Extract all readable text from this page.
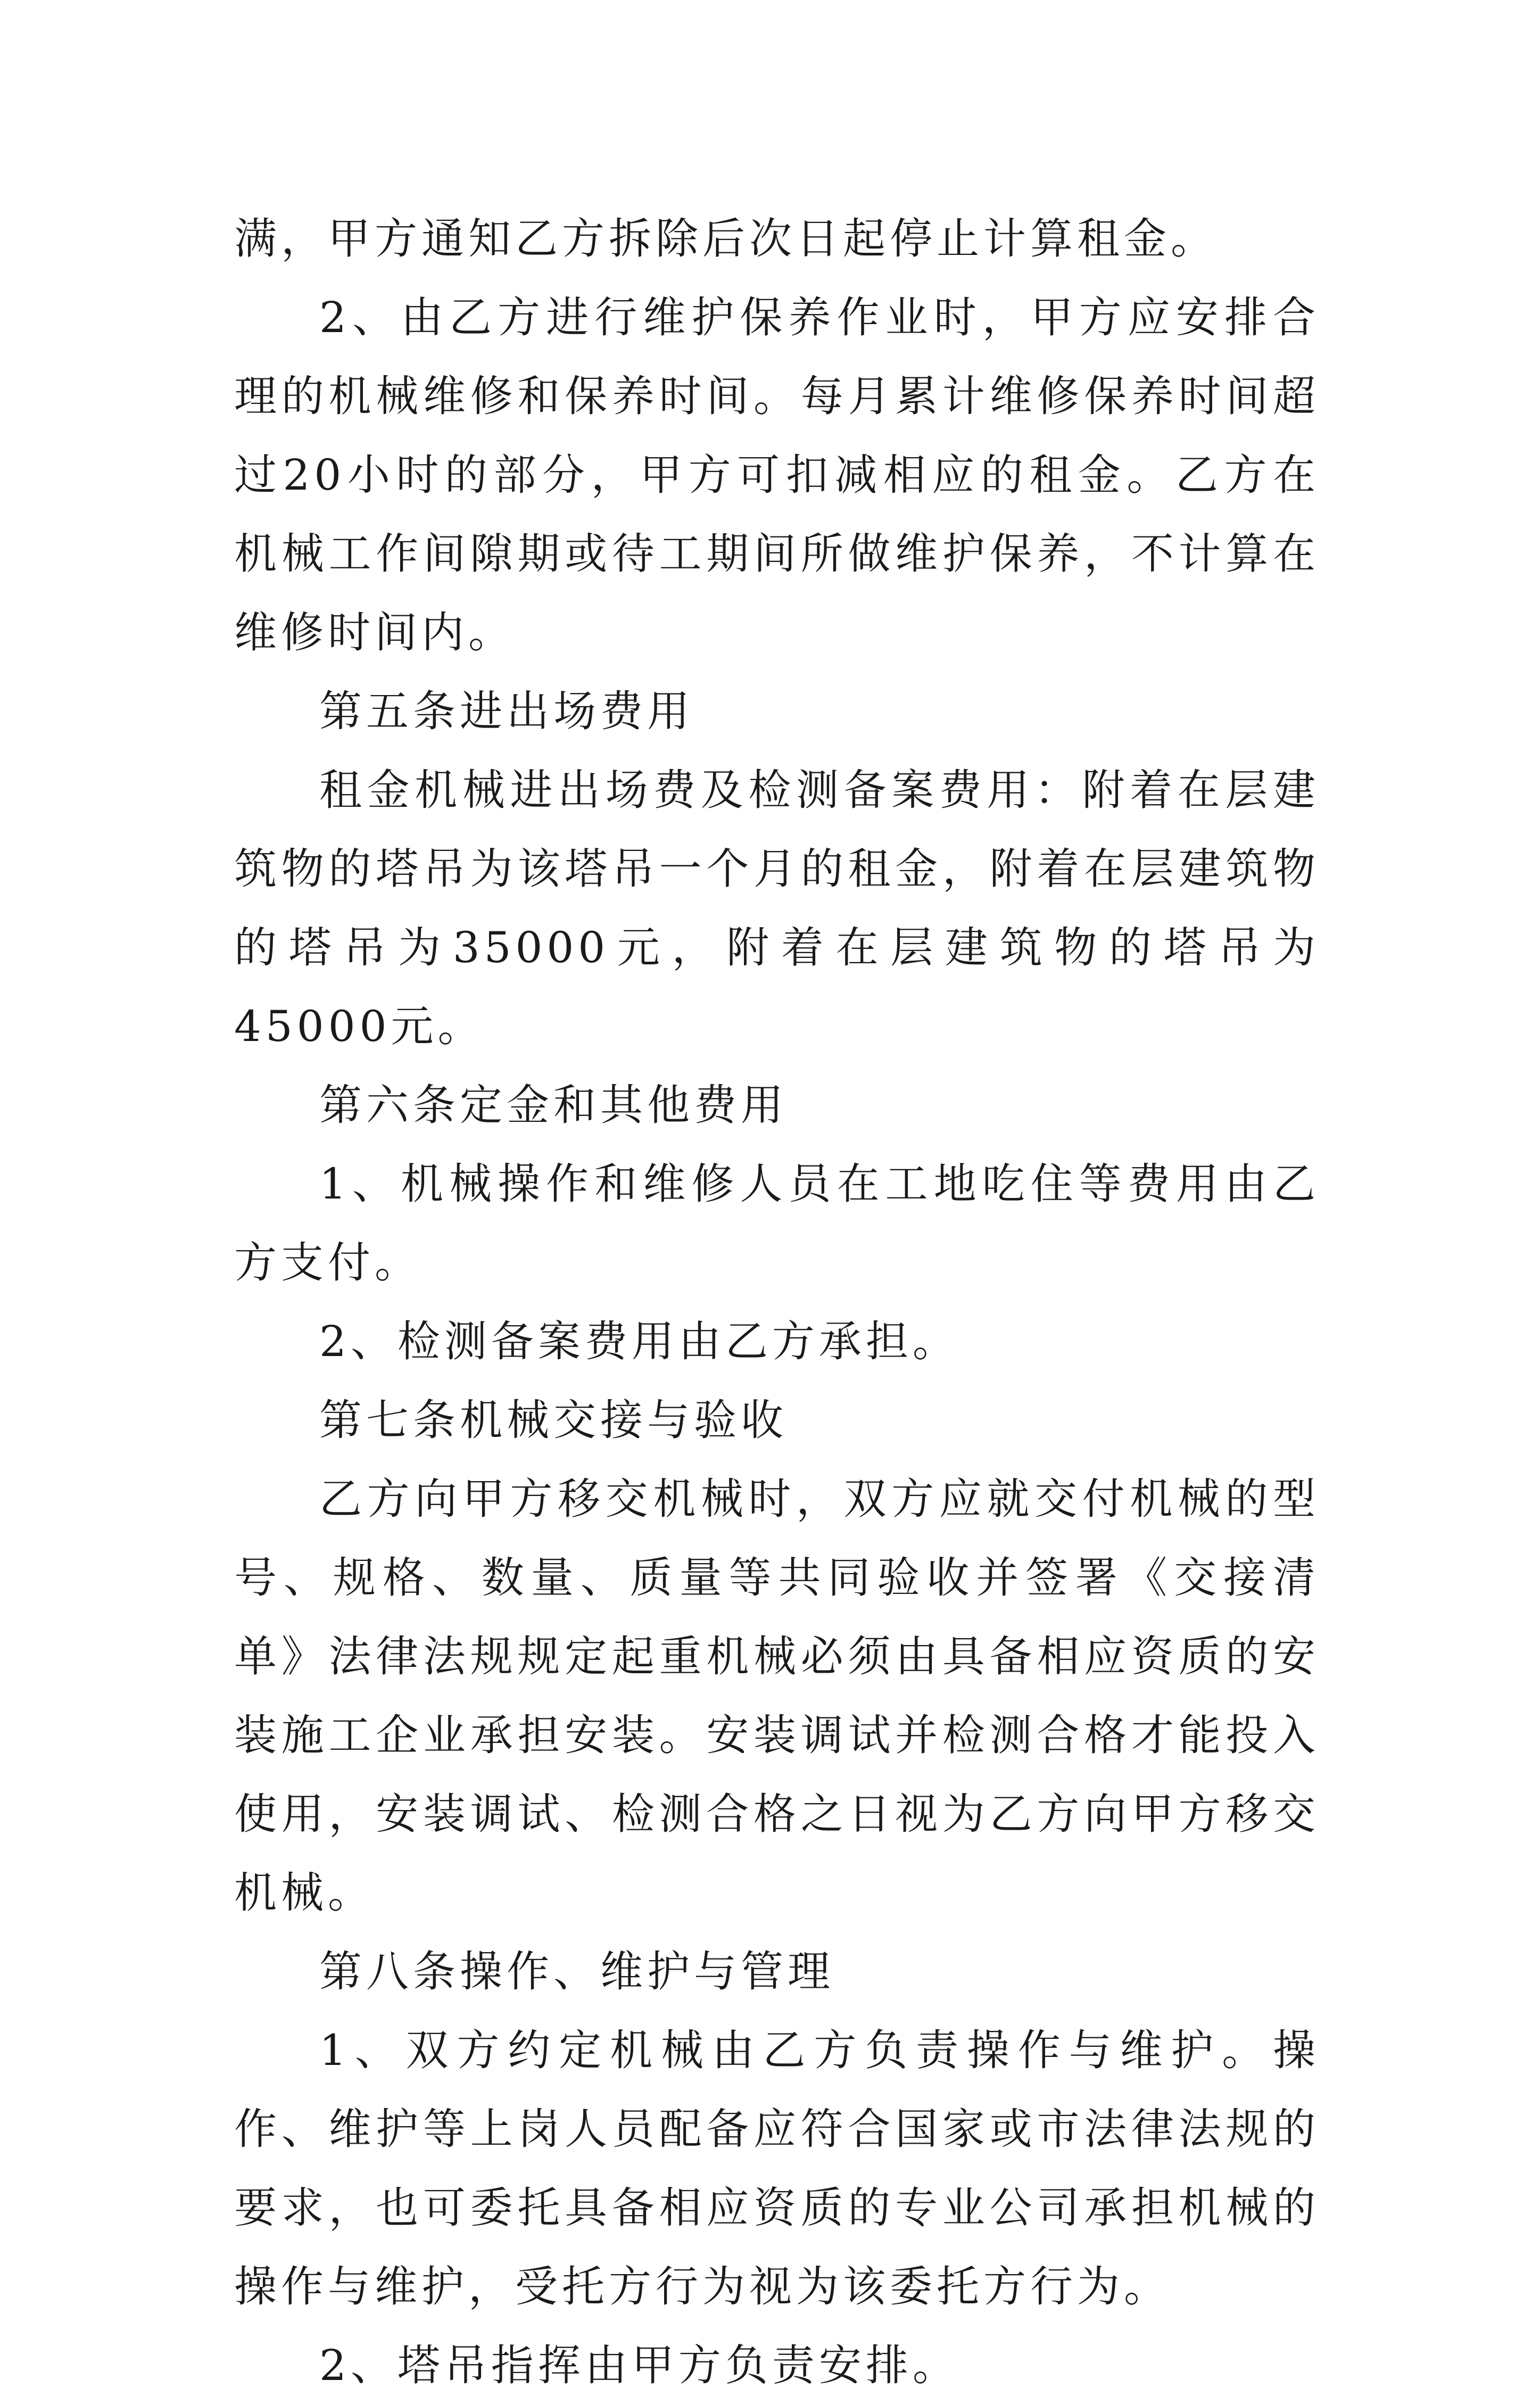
满，甲方通知乙方拆除后次日起停止计算租金。

2、由乙方进行维护保养作业时，甲方应安排合理的机械维修和保养时间。每月累计维修保养时间超过20小时的部分，甲方可扣减相应的租金。乙方在机械工作间隙期或待工期间所做维护保养，不计算在维修时间内。

第五条进出场费用

租金机械进出场费及检测备案费用：附着在层建筑物的塔吊为该塔吊一个月的租金，附着在层建筑物的塔吊为35000元，附着在层建筑物的塔吊为45000元。

第六条定金和其他费用

1、机械操作和维修人员在工地吃住等费用由乙方支付。

2、检测备案费用由乙方承担。

第七条机械交接与验收

乙方向甲方移交机械时，双方应就交付机械的型号、规格、数量、质量等共同验收并签署《交接清单》法律法规规定起重机械必须由具备相应资质的安装施工企业承担安装。安装调试并检测合格才能投入使用，安装调试、检测合格之日视为乙方向甲方移交机械。

第八条操作、维护与管理

1、双方约定机械由乙方负责操作与维护。操作、维护等上岗人员配备应符合国家或市法律法规的要求，也可委托具备相应资质的专业公司承担机械的操作与维护，受托方行为视为该委托方行为。

2、塔吊指挥由甲方负责安排。
